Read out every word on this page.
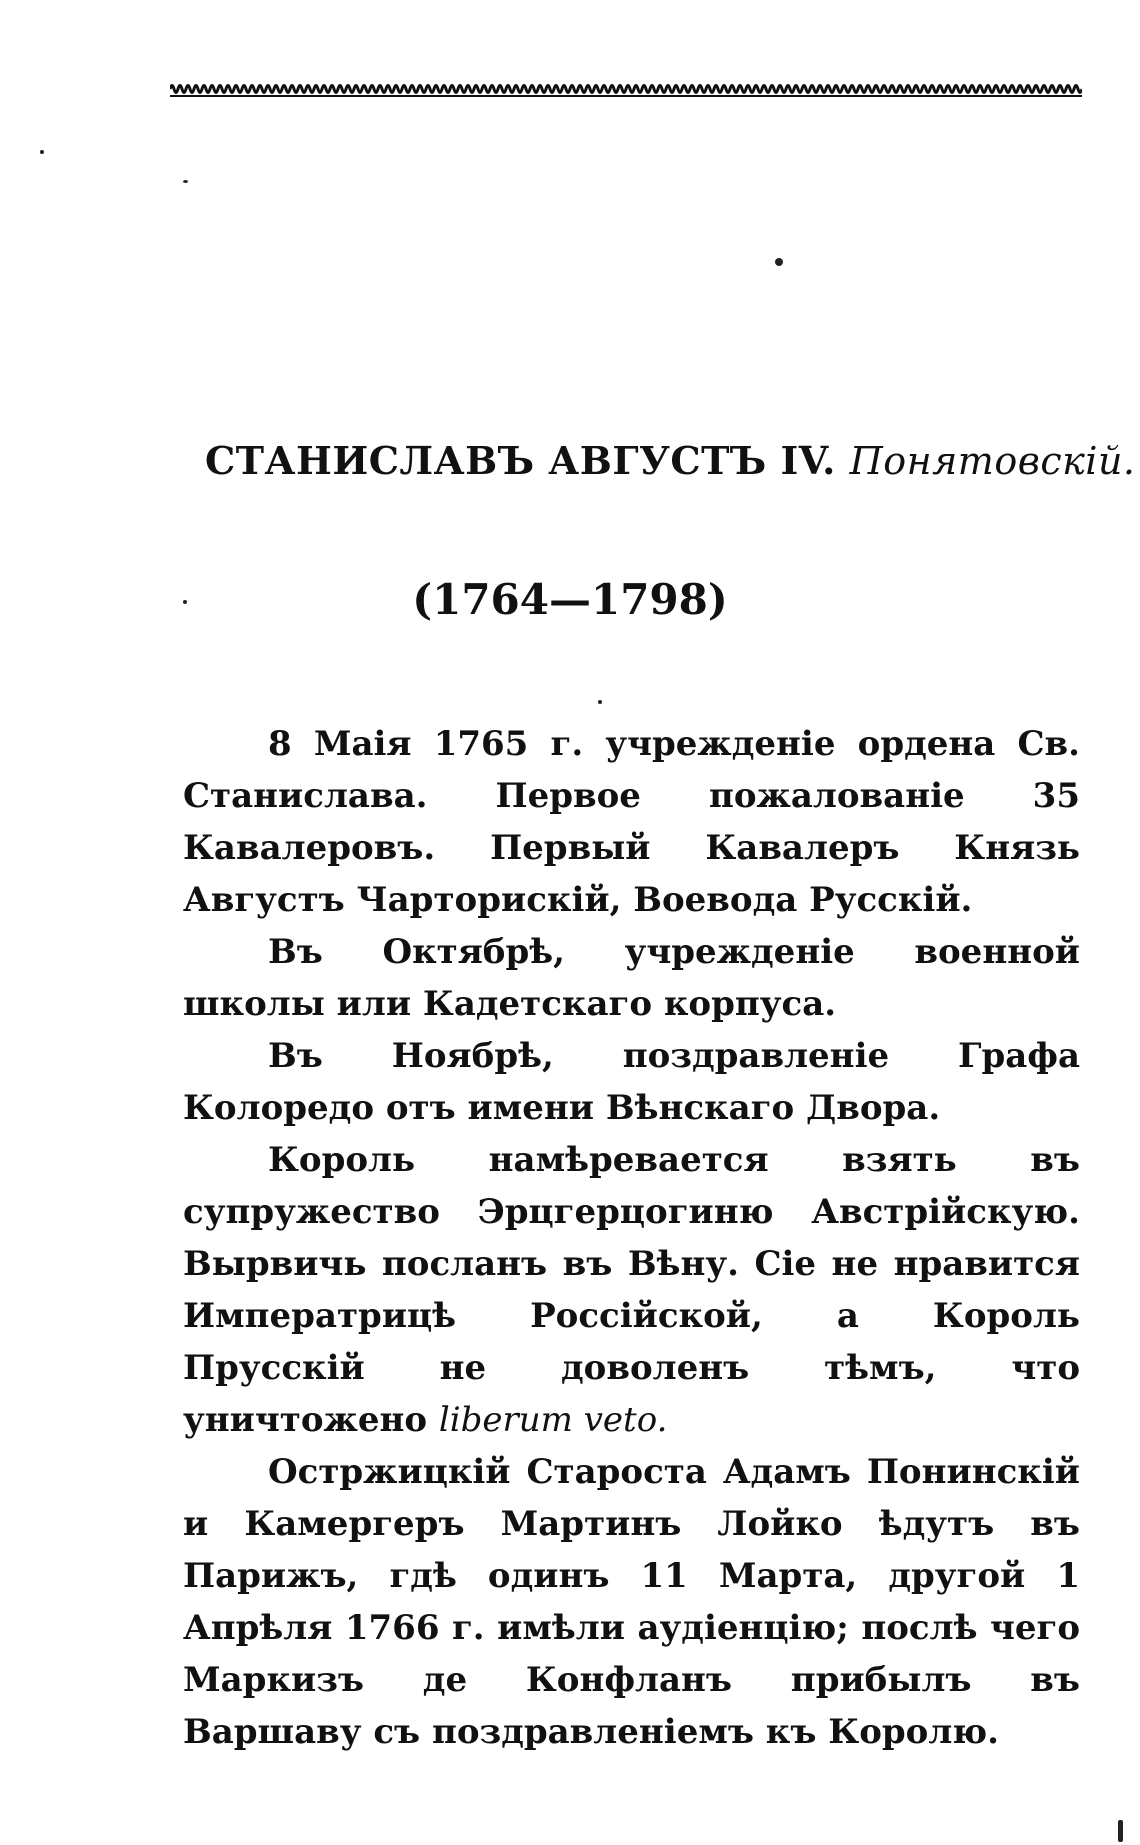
СТАНИСЛАВЪ АВГУСТЪ IV. Понятовскій.
(1764—1798)

8 Маія 1765 г. учрежденіе ордена Св. Станислава. Первое пожалованіе 35 Кавалеровъ. Первый Кавалеръ Князь Августъ Чарторискій, Воевода Русскій.

Въ Октябрѣ, учрежденіе военной школы или Кадетскаго корпуса.

Въ Ноябрѣ, поздравленіе Графа Колоредо отъ имени Вѣнскаго Двора.

Король намѣревается взять въ супружество Эрцгерцогиню Австрійскую. Вырвичь посланъ въ Вѣну. Сіе не нравится Императрицѣ Россійской, а Король Прусскій не доволенъ тѣмъ, что уничтожено liberum veto.

Остржицкій Староста Адамъ Понинскій и Камергеръ Мартинъ Лойко ѣдутъ въ Парижъ, гдѣ одинъ 11 Марта, другой 1 Апрѣля 1766 г. имѣли аудіенцію; послѣ чего Маркизъ де Конфланъ прибылъ въ Варшаву съ поздравленіемъ къ Королю.
